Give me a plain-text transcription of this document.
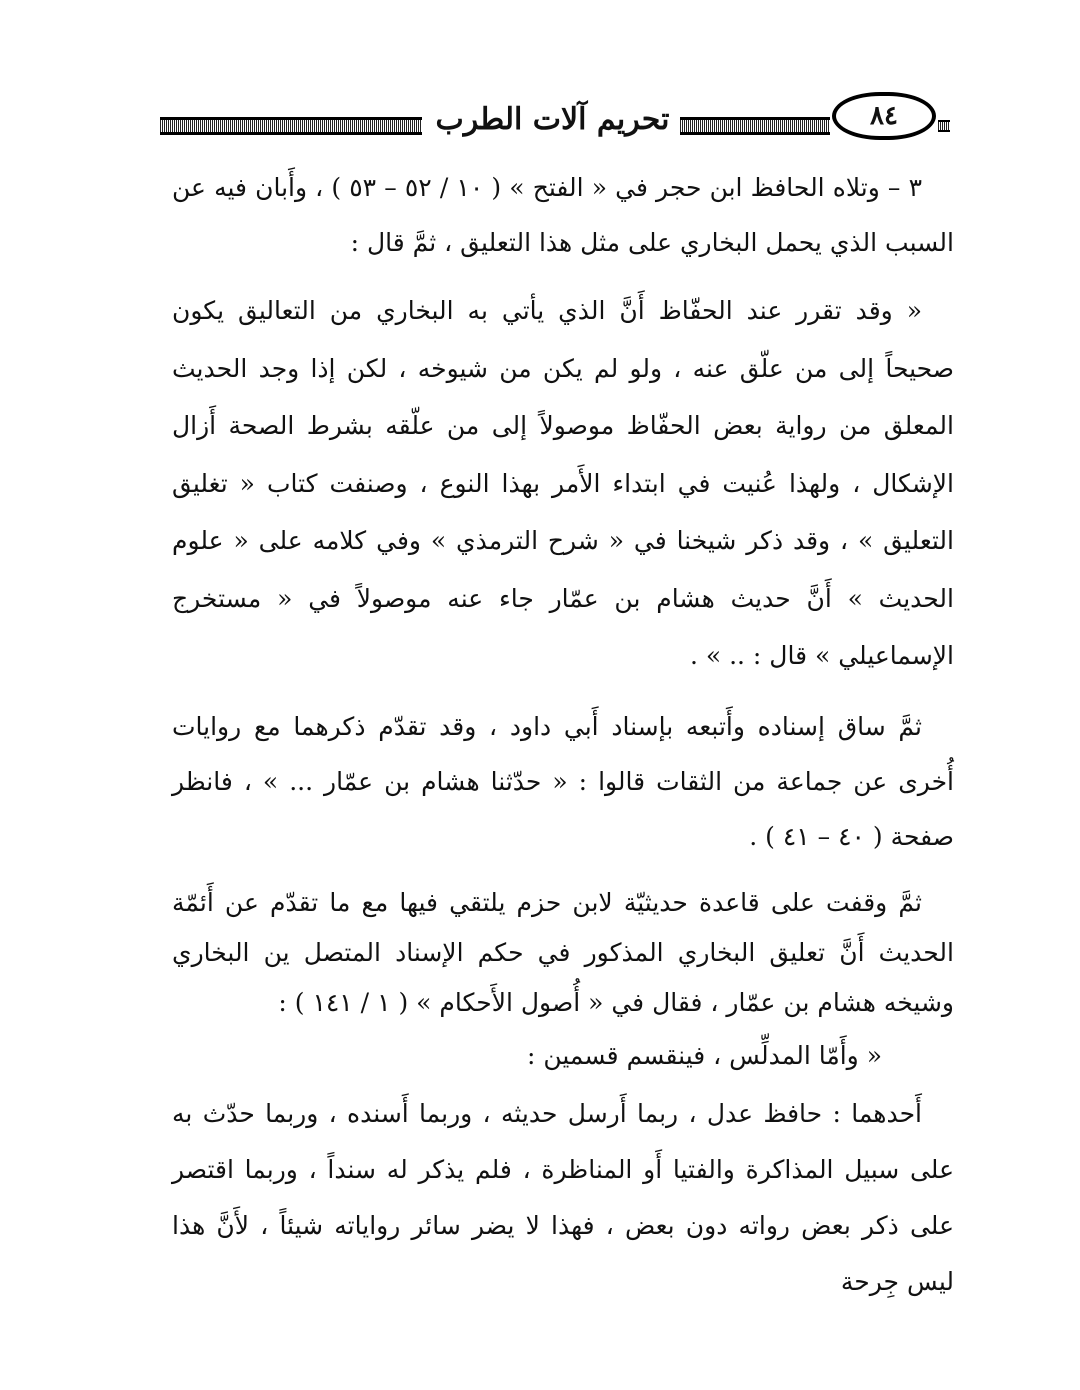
تحريم آلات الطرب	٨٤

٣ – وتلاه الحافظ ابن حجر في « الفتح » ( ١٠ / ٥٢ – ٥٣ ) ، وأَبان فيه عن السبب الذي يحمل البخاري على مثل هذا التعليق ، ثمَّ قال :

« وقد تقرر عند الحفّاظ أَنَّ الذي يأتي به البخاري من التعاليق يكون صحيحاً إلى من علّق عنه ، ولو لم يكن من شيوخه ، لكن إذا وجد الحديث المعلق من رواية بعض الحفّاظ موصولاً إلى من علّقه بشرط الصحة أَزال الإشكال ، ولهذا عُنيت في ابتداء الأَمر بهذا النوع ، وصنفت كتاب « تغليق التعليق » ، وقد ذكر شيخنا في « شرح الترمذي » وفي كلامه على « علوم الحديث » أَنَّ حديث هشام بن عمّار جاء عنه موصولاً في « مستخرج الإسماعيلي » قال : .. » .

ثمَّ ساق إسناده وأَتبعه بإسناد أَبي داود ، وقد تقدّم ذكرهما مع روايات أُخرى عن جماعة من الثقات قالوا : « حدّثنا هشام بن عمّار ... » ، فانظر صفحة ( ٤٠ – ٤١ ) .

ثمَّ وقفت على قاعدة حديثيّة لابن حزم يلتقي فيها مع ما تقدّم عن أَئمّة الحديث أَنَّ تعليق البخاري المذكور في حكم الإسناد المتصل ين البخاري وشيخه هشام بن عمّار ، فقال في « أُصول الأَحكام » ( ١ / ١٤١ ) :

« وأَمّا المدلِّس ، فينقسم قسمين :

أَحدهما : حافظ عدل ، ربما أَرسل حديثه ، وربما أَسنده ، وربما حدّث به على سبيل المذاكرة والفتيا أَو المناظرة ، فلم يذكر له سنداً ، وربما اقتصر على ذكر بعض رواته دون بعض ، فهذا لا يضر سائر رواياته شيئاً ، لأَنَّ هذا ليس جِرحة
